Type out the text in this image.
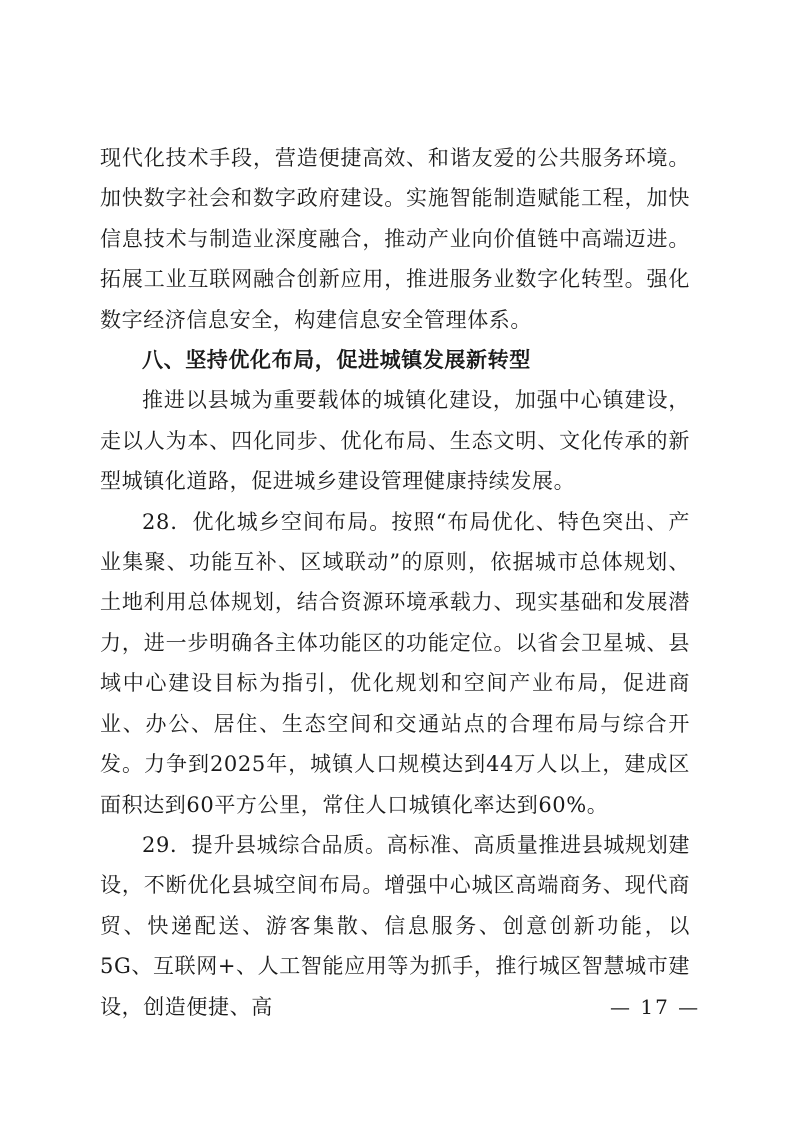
现代化技术手段，营造便捷高效、和谐友爱的公共服务环境。加快数字社会和数字政府建设。实施智能制造赋能工程，加快信息技术与制造业深度融合，推动产业向价值链中高端迈进。拓展工业互联网融合创新应用，推进服务业数字化转型。强化数字经济信息安全，构建信息安全管理体系。

八、坚持优化布局，促进城镇发展新转型

推进以县城为重要载体的城镇化建设，加强中心镇建设，走以人为本、四化同步、优化布局、生态文明、文化传承的新型城镇化道路，促进城乡建设管理健康持续发展。

28．优化城乡空间布局。按照“布局优化、特色突出、产业集聚、功能互补、区域联动”的原则，依据城市总体规划、土地利用总体规划，结合资源环境承载力、现实基础和发展潜力，进一步明确各主体功能区的功能定位。以省会卫星城、县域中心建设目标为指引，优化规划和空间产业布局，促进商业、办公、居住、生态空间和交通站点的合理布局与综合开发。力争到2025年，城镇人口规模达到44万人以上，建成区面积达到60平方公里，常住人口城镇化率达到60%。

29．提升县城综合品质。高标准、高质量推进县城规划建设，不断优化县城空间布局。增强中心城区高端商务、现代商贸、快递配送、游客集散、信息服务、创意创新功能，以5G、互联网+、人工智能应用等为抓手，推行城区智慧城市建设，创造便捷、高	— 17 —
